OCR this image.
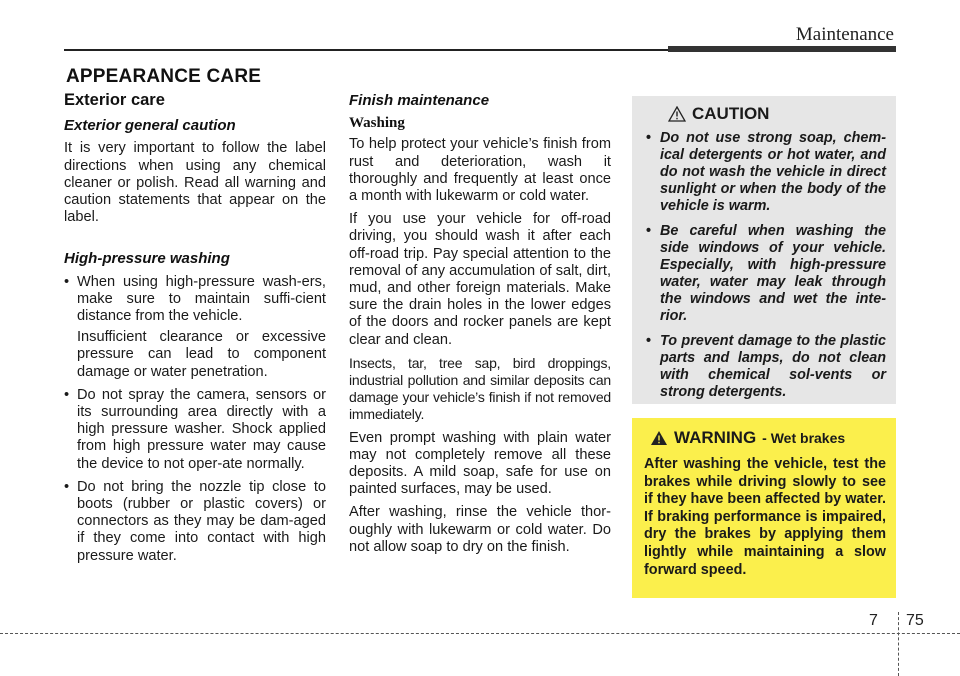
Maintenance
APPEARANCE CARE
Exterior care
Exterior general caution

It is very important to follow the label directions when using any chemical cleaner or polish. Read all warning and caution statements that appear on the label.

High-pressure washing
• When using high-pressure wash-ers, make sure to maintain suffi-cient distance from the vehicle.

Insufficient clearance or excessive pressure can lead to component damage or water penetration.

• Do not spray the camera, sensors or its surrounding area directly with a high pressure washer. Shock applied from high pressure water may cause the device to not oper-ate normally.
• Do not bring the nozzle tip close to boots (rubber or plastic covers) or connectors as they may be dam-aged if they come into contact with high pressure water.
Finish maintenance
Washing

To help protect your vehicle’s finish from rust and deterioration, wash it thoroughly and frequently at least once a month with lukewarm or cold water.

If you use your vehicle for off-road driving, you should wash it after each off-road trip. Pay special attention to the removal of any accumulation of salt, dirt, mud, and other foreign materials. Make sure the drain holes in the lower edges of the doors and rocker panels are kept clear and clean.

Insects, tar, tree sap, bird droppings, industrial pollution and similar deposits can damage your vehicle’s finish if not removed immediately.

Even prompt washing with plain water may not completely remove all these deposits. A mild soap, safe for use on painted surfaces, may be used.

After washing, rinse the vehicle thor-oughly with lukewarm or cold water. Do not allow soap to dry on the finish.

CAUTION
• Do not use strong soap, chem-ical detergents or hot water, and do not wash the vehicle in direct sunlight or when the body of the vehicle is warm.
• Be careful when washing the side windows of your vehicle. Especially, with high-pressure water, water may leak through the windows and wet the inte-rior.
• To prevent damage to the plastic parts and lamps, do not clean with chemical sol-vents or strong detergents.
WARNING - Wet brakes

After washing the vehicle, test the brakes while driving slowly to see if they have been affected by water. If braking performance is impaired, dry the brakes by applying them lightly while maintaining a slow forward speed.

7 75
